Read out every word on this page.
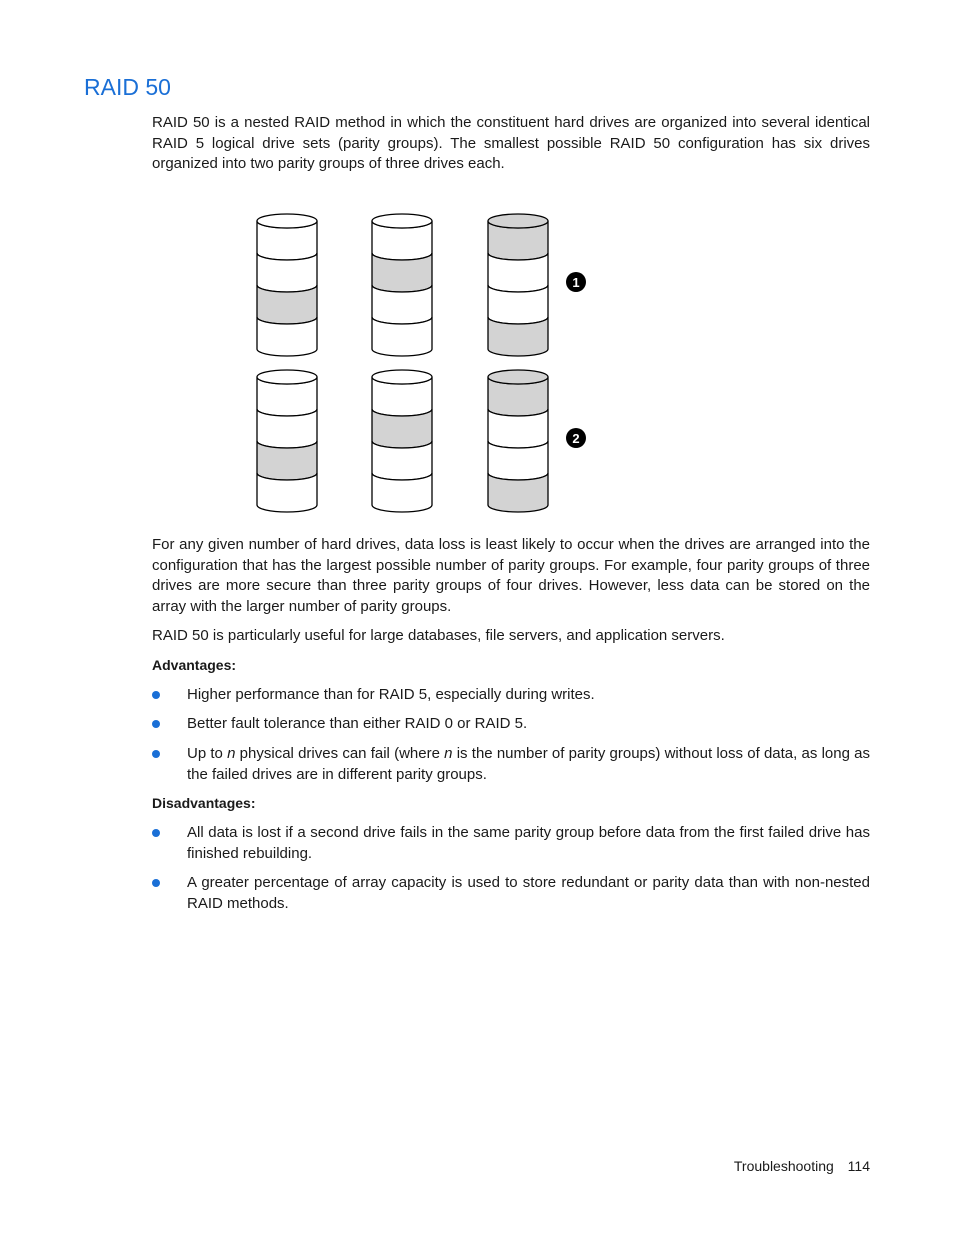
RAID 50

RAID 50 is a nested RAID method in which the constituent hard drives are organized into several identical RAID 5 logical drive sets (parity groups). The smallest possible RAID 50 configuration has six drives organized into two parity groups of three drives each.

1
2

For any given number of hard drives, data loss is least likely to occur when the drives are arranged into the configuration that has the largest possible number of parity groups. For example, four parity groups of three drives are more secure than three parity groups of four drives. However, less data can be stored on the array with the larger number of parity groups.

RAID 50 is particularly useful for large databases, file servers, and application servers.

Advantages:

Higher performance than for RAID 5, especially during writes.
Better fault tolerance than either RAID 0 or RAID 5.
Up to n physical drives can fail (where n is the number of parity groups) without loss of data, as long as the failed drives are in different parity groups.

Disadvantages:

All data is lost if a second drive fails in the same parity group before data from the first failed drive has finished rebuilding.
A greater percentage of array capacity is used to store redundant or parity data than with non-nested RAID methods.
Troubleshooting 114
